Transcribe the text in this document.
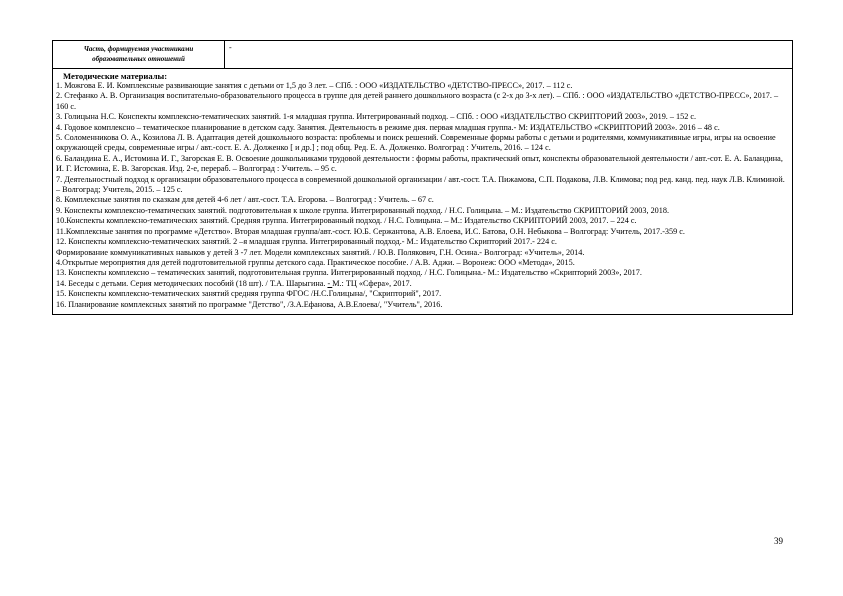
Часть, формируемая участниками
образовательных отношений
-
Методические материалы:

1. Можгова Е. И. Комплексные развивающие занятия с детьми от 1,5 до 3 лет. – СПб. : ООО «ИЗДАТЕЛЬСТВО «ДЕТСТВО-ПРЕСС», 2017. – 112 с.

2. Стефанко А. В. Организация воспитательно-образовательного процесса в группе для детей раннего дошкольного возраста (с 2-х до 3-х лет). – СПб. : ООО «ИЗДАТЕЛЬСТВО «ДЕТСТВО-ПРЕСС», 2017. – 160 с.

3. Голицына Н.С. Конспекты комплексно-тематических занятий. 1-я младшая группа. Интегрированный подход. – СПб. : ООО «ИЗДАТЕЛЬСТВО СКРИПТОРИЙ 2003», 2019. – 152 с.

4. Годовое комплексно – тематическое планирование в детском саду. Занятия. Деятельность в режиме дня. первая младшая группа.- М: ИЗДАТЕЛЬСТВО «СКРИПТОРИЙ 2003». 2016 – 48 с.

5. Соломенникова О. А., Козилова Л. В. Адаптация детей дошкольного возраста: проблемы и поиск решений. Современные формы работы с детьми и родителями, коммуникативные игры, игры на освоение окружающей среды, современные игры / авт.-сост. Е. А. Долженко [ и др.] ; под общ. Ред. Е. А. Долженко. Волгоград : Учитель, 2016. – 124 с.

6. Баландина Е. А., Истомина И. Г., Загорская Е. В. Освоение дошкольниками трудовой деятельности : формы работы, практический опыт, конспекты образовательной деятельности / авт.-сот. Е. А. Баландина, И. Г. Истомина, Е. В. Загорская. Изд. 2-е, перераб. – Волгоград : Учитель. – 95 с.

7. Деятельностный подход к организации образовательного процесса в современной дошкольной организации / авт.-сост. Т.А. Пижамова, С.П. Подакова, Л.В. Климова; под ред. канд. пед. наук Л.В. Климиной. – Волгоград; Учитель, 2015. – 125 с.

8. Комплексные занятия по сказкам для детей 4-6 лет / авт.-сост. Т.А. Егорова. – Волгоград : Учитель. – 67 с.

9. Конспекты комплексно-тематических занятий. подготовительная к школе группа. Интегрированный подход. / Н.С. Голицына. – М.: Издательство СКРИПТОРИЙ 2003, 2018.

10.Конспекты комплексно-тематических занятий. Средняя группа. Интегрированный подход. / Н.С. Голицына. – М.: Издательство СКРИПТОРИЙ 2003, 2017. – 224 с.

11.Комплексные занятия по программе «Детство». Вторая младшая группа/авт.-сост. Ю.Б. Сержантова, А.В. Елоева, И.С. Батова, О.Н. Небыкова – Волгоград: Учитель, 2017.-359 с.

12. Конспекты комплексно-тематических занятий. 2 –я младшая группа. Интегрированный подход.- М.: Издательство Скрипторий 2017.- 224 с.

Формирование коммуникативных навыков у детей 3 -7 лет. Модели комплексных занятий. / Ю.В. Полякович, Г.Н. Осина.- Волгоград: «Учитель», 2014.

4.Открытые мероприятия для детей подготовительной группы детского сада. Практическое пособие. / А.В. Аджи. – Воронеж: ООО «Метода», 2015.

13. Конспекты комплексно – тематических занятий, подготовительная группа. Интегрированный подход. / Н.С. Голицына.- М.: Издательство «Скрипторий 2003», 2017.

14. Беседы с детьми. Серия методических пособий (18 шт). / Т.А. Шарыгина. - М.: ТЦ «Сфера», 2017.

15. Конспекты комплексно-тематических занятий средняя группа ФГОС /Н.С.Голицына/, "Скрипторий", 2017.

16. Планирование комплексных занятий по программе "Детство", /З.А.Ефанова, А.В.Елоева/, "Учитель", 2016.

39
